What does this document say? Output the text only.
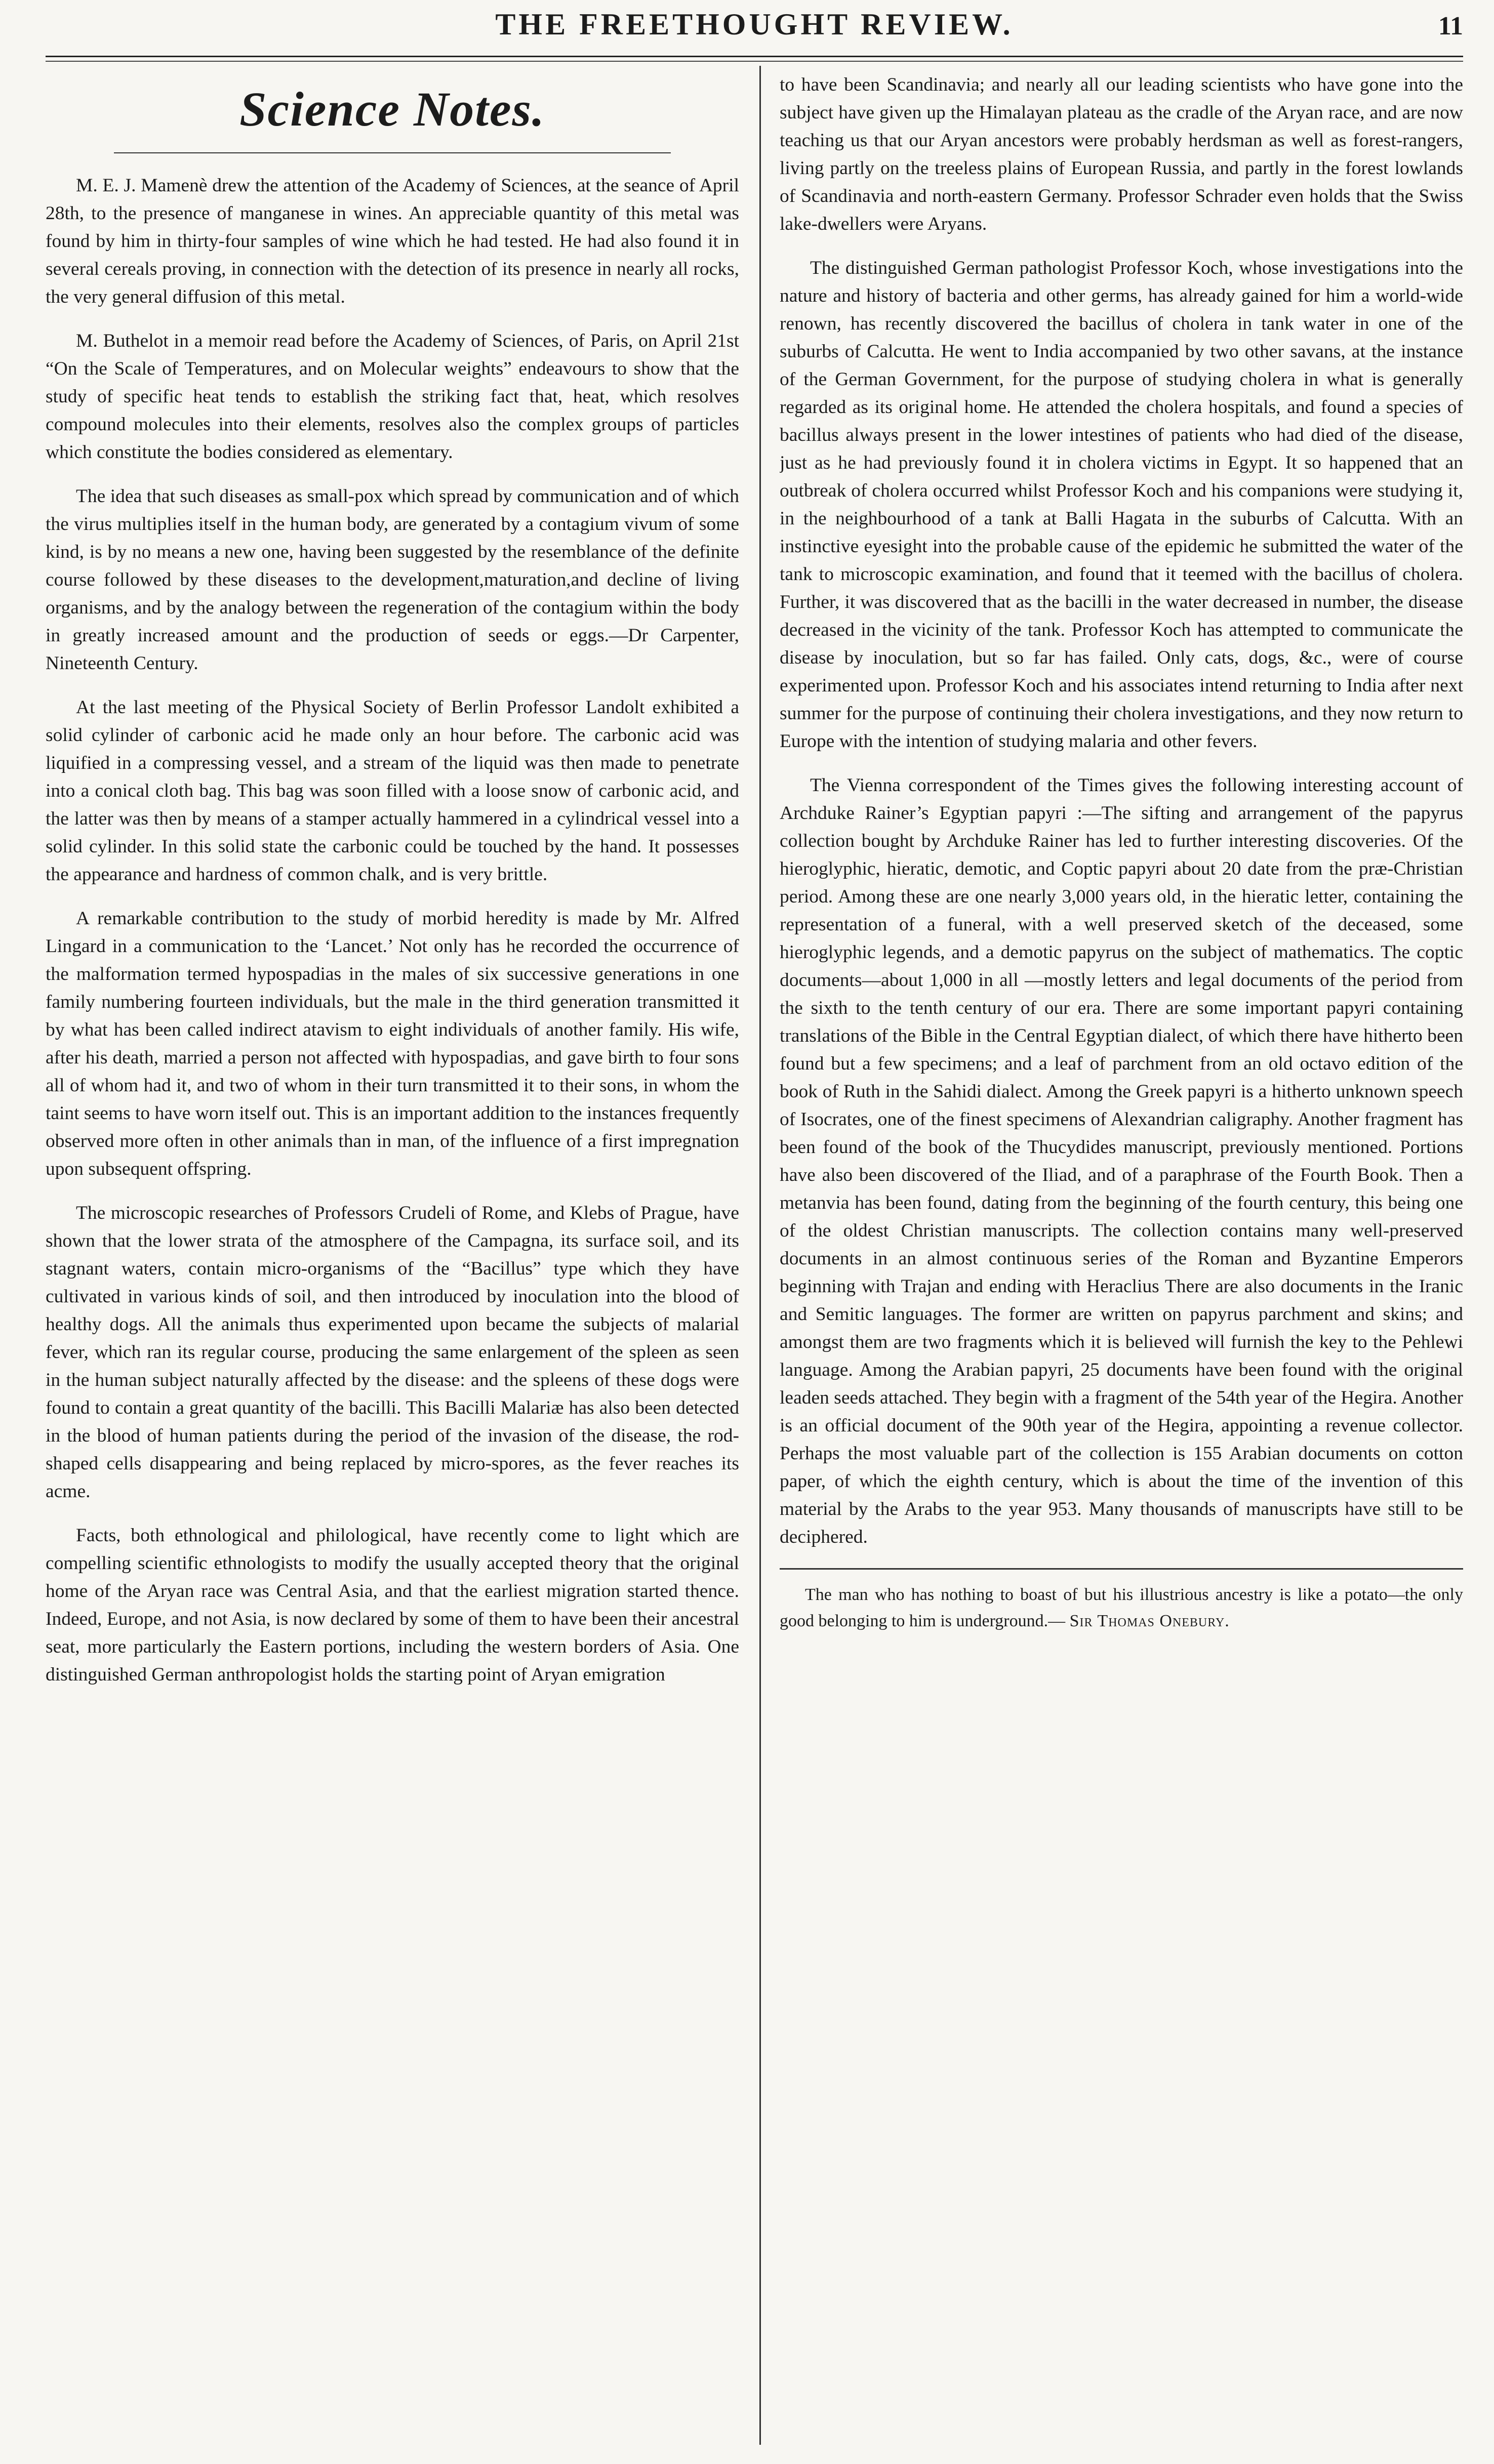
THE FREETHOUGHT REVIEW.	11
Science Notes.

M. E. J. Mamenè drew the attention of the Academy of Sciences, at the seance of April 28th, to the presence of manganese in wines. An appreciable quantity of this metal was found by him in thirty-four samples of wine which he had tested. He had also found it in several cereals proving, in connection with the detection of its presence in nearly all rocks, the very general diffusion of this metal.

M. Buthelot in a memoir read before the Academy of Sciences, of Paris, on April 21st “On the Scale of Temperatures, and on Molecular weights” endeavours to show that the study of specific heat tends to establish the striking fact that, heat, which resolves compound molecules into their elements, resolves also the complex groups of particles which constitute the bodies considered as elementary.

The idea that such diseases as small-pox which spread by communication and of which the virus multiplies itself in the human body, are generated by a contagium vivum of some kind, is by no means a new one, having been suggested by the resemblance of the definite course followed by these diseases to the development,maturation,and decline of living organisms, and by the analogy between the regeneration of the contagium within the body in greatly increased amount and the production of seeds or eggs.—Dr Carpenter, Nineteenth Century.

At the last meeting of the Physical Society of Berlin Professor Landolt exhibited a solid cylinder of carbonic acid he made only an hour before. The carbonic acid was liquified in a compressing vessel, and a stream of the liquid was then made to penetrate into a conical cloth bag. This bag was soon filled with a loose snow of carbonic acid, and the latter was then by means of a stamper actually hammered in a cylindrical vessel into a solid cylinder. In this solid state the carbonic could be touched by the hand. It possesses the appearance and hardness of common chalk, and is very brittle.

A remarkable contribution to the study of morbid heredity is made by Mr. Alfred Lingard in a communication to the ‘Lancet.’ Not only has he recorded the occurrence of the malformation termed hypospadias in the males of six successive generations in one family numbering fourteen individuals, but the male in the third generation transmitted it by what has been called indirect atavism to eight individuals of another family. His wife, after his death, married a person not affected with hypospadias, and gave birth to four sons all of whom had it, and two of whom in their turn transmitted it to their sons, in whom the taint seems to have worn itself out. This is an important addition to the instances frequently observed more often in other animals than in man, of the influence of a first impregnation upon subsequent offspring.

The microscopic researches of Professors Crudeli of Rome, and Klebs of Prague, have shown that the lower strata of the atmosphere of the Campagna, its surface soil, and its stagnant waters, contain micro-organisms of the “Bacillus” type which they have cultivated in various kinds of soil, and then introduced by inoculation into the blood of healthy dogs. All the animals thus experimented upon became the subjects of malarial fever, which ran its regular course, producing the same enlargement of the spleen as seen in the human subject naturally affected by the disease: and the spleens of these dogs were found to contain a great quantity of the bacilli. This Bacilli Malariæ has also been detected in the blood of human patients during the period of the invasion of the disease, the rod-shaped cells disappearing and being replaced by micro-spores, as the fever reaches its acme.

Facts, both ethnological and philological, have recently come to light which are compelling scientific ethnologists to modify the usually accepted theory that the original home of the Aryan race was Central Asia, and that the earliest migration started thence. Indeed, Europe, and not Asia, is now declared by some of them to have been their ancestral seat, more particularly the Eastern portions, including the western borders of Asia. One distinguished German anthropologist holds the starting point of Aryan emigration

to have been Scandinavia; and nearly all our leading scientists who have gone into the subject have given up the Himalayan plateau as the cradle of the Aryan race, and are now teaching us that our Aryan ancestors were probably herdsman as well as forest-rangers, living partly on the treeless plains of European Russia, and partly in the forest lowlands of Scandinavia and north-eastern Germany. Professor Schrader even holds that the Swiss lake-dwellers were Aryans.

The distinguished German pathologist Professor Koch, whose investigations into the nature and history of bacteria and other germs, has already gained for him a world-wide renown, has recently discovered the bacillus of cholera in tank water in one of the suburbs of Calcutta. He went to India accompanied by two other savans, at the instance of the German Government, for the purpose of studying cholera in what is generally regarded as its original home. He attended the cholera hospitals, and found a species of bacillus always present in the lower intestines of patients who had died of the disease, just as he had previously found it in cholera victims in Egypt. It so happened that an outbreak of cholera occurred whilst Professor Koch and his companions were studying it, in the neighbourhood of a tank at Balli Hagata in the suburbs of Calcutta. With an instinctive eyesight into the probable cause of the epidemic he submitted the water of the tank to microscopic examination, and found that it teemed with the bacillus of cholera. Further, it was discovered that as the bacilli in the water decreased in number, the disease decreased in the vicinity of the tank. Professor Koch has attempted to communicate the disease by inoculation, but so far has failed. Only cats, dogs, &c., were of course experimented upon. Professor Koch and his associates intend returning to India after next summer for the purpose of continuing their cholera investigations, and they now return to Europe with the intention of studying malaria and other fevers.

The Vienna correspondent of the Times gives the following interesting account of Archduke Rainer’s Egyptian papyri :—The sifting and arrangement of the papyrus collection bought by Archduke Rainer has led to further interesting discoveries. Of the hieroglyphic, hieratic, demotic, and Coptic papyri about 20 date from the præ-Christian period. Among these are one nearly 3,000 years old, in the hieratic letter, containing the representation of a funeral, with a well preserved sketch of the deceased, some hieroglyphic legends, and a demotic papyrus on the subject of mathematics. The coptic documents—about 1,000 in all —mostly letters and legal documents of the period from the sixth to the tenth century of our era. There are some important papyri containing translations of the Bible in the Central Egyptian dialect, of which there have hitherto been found but a few specimens; and a leaf of parchment from an old octavo edition of the book of Ruth in the Sahidi dialect. Among the Greek papyri is a hitherto unknown speech of Isocrates, one of the finest specimens of Alexandrian caligraphy. Another fragment has been found of the book of the Thucydides manuscript, previously mentioned. Portions have also been discovered of the Iliad, and of a paraphrase of the Fourth Book. Then a metanvia has been found, dating from the beginning of the fourth century, this being one of the oldest Christian manuscripts. The collection contains many well-preserved documents in an almost continuous series of the Roman and Byzantine Emperors beginning with Trajan and ending with Heraclius There are also documents in the Iranic and Semitic languages. The former are written on papyrus parchment and skins; and amongst them are two fragments which it is believed will furnish the key to the Pehlewi language. Among the Arabian papyri, 25 documents have been found with the original leaden seeds attached. They begin with a fragment of the 54th year of the Hegira. Another is an official document of the 90th year of the Hegira, appointing a revenue collector. Perhaps the most valuable part of the collection is 155 Arabian documents on cotton paper, of which the eighth century, which is about the time of the invention of this material by the Arabs to the year 953. Many thousands of manuscripts have still to be deciphered.

The man who has nothing to boast of but his illustrious ancestry is like a potato—the only good belonging to him is underground.— Sir Thomas Onebury.
